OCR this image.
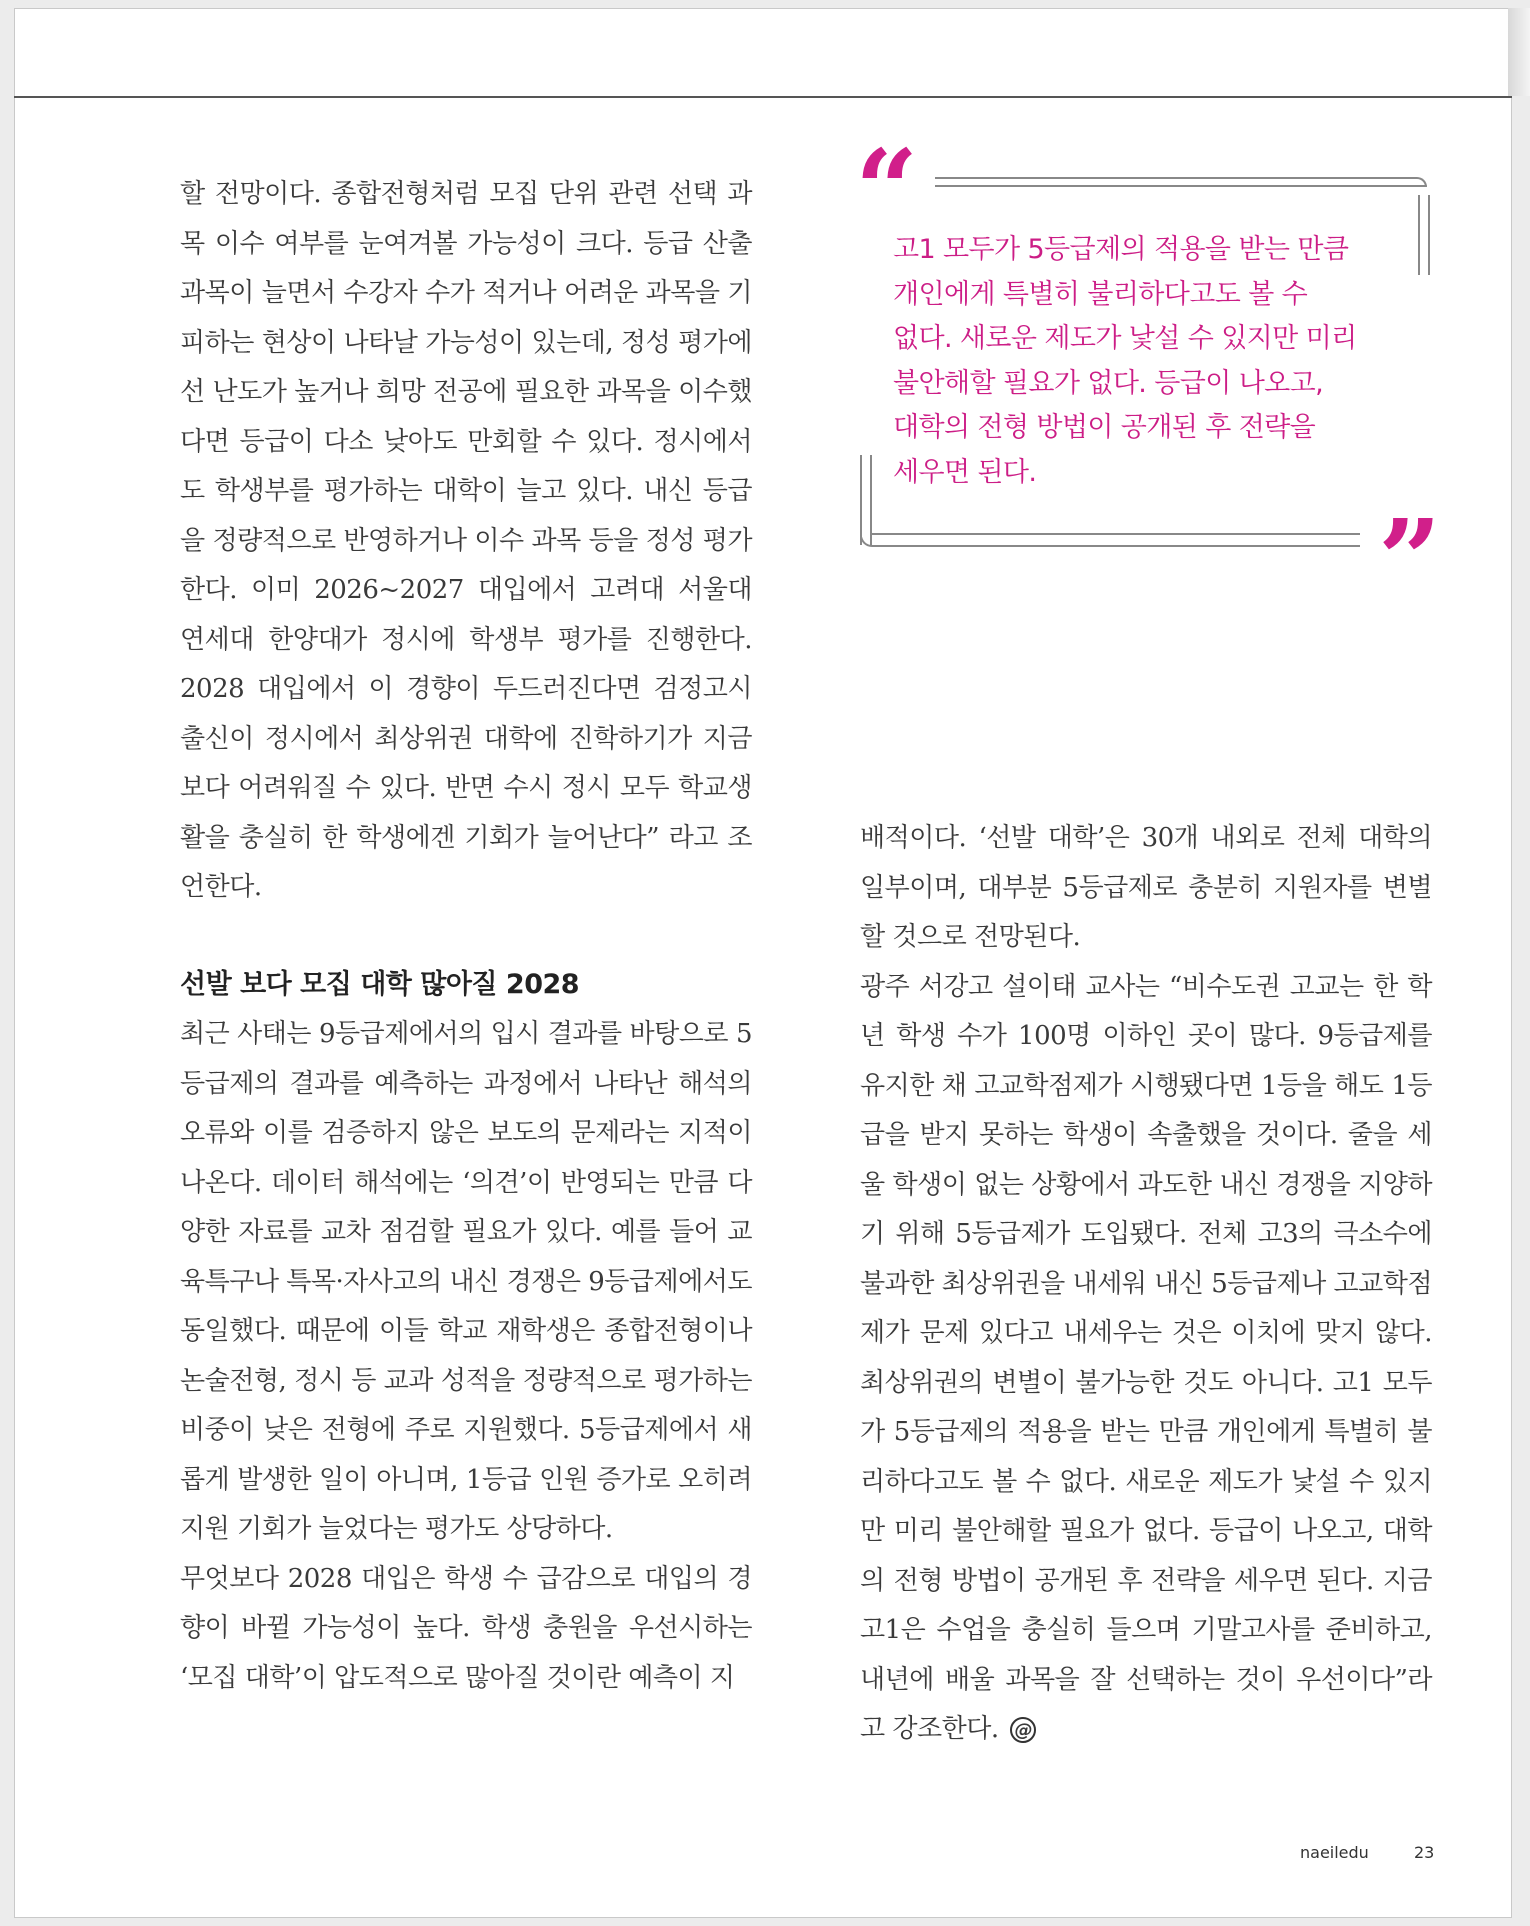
할 전망이다. 종합전형처럼 모집 단위 관련 선택 과목 이수 여부를 눈여겨볼 가능성이 크다. 등급 산출 과목이 늘면서 수강자 수가 적거나 어려운 과목을 기피하는 현상이 나타날 가능성이 있는데, 정성 평가에선 난도가 높거나 희망 전공에 필요한 과목을 이수했다면 등급이 다소 낮아도 만회할 수 있다. 정시에서도 학생부를 평가하는 대학이 늘고 있다. 내신 등급을 정량적으로 반영하거나 이수 과목 등을 정성 평가한다. 이미 2026~2027 대입에서 고려대 서울대 연세대 한양대가 정시에 학생부 평가를 진행한다. 2028 대입에서 이 경향이 두드러진다면 검정고시 출신이 정시에서 최상위권 대학에 진학하기가 지금보다 어려워질 수 있다. 반면 수시 정시 모두 학교생활을 충실히 한 학생에겐 기회가 늘어난다” 라고 조언한다.

선발 보다 모집 대학 많아질 2028

최근 사태는 9등급제에서의 입시 결과를 바탕으로 5등급제의 결과를 예측하는 과정에서 나타난 해석의 오류와 이를 검증하지 않은 보도의 문제라는 지적이 나온다. 데이터 해석에는 ‘의견’이 반영되는 만큼 다양한 자료를 교차 점검할 필요가 있다. 예를 들어 교육특구나 특목·자사고의 내신 경쟁은 9등급제에서도 동일했다. 때문에 이들 학교 재학생은 종합전형이나 논술전형, 정시 등 교과 성적을 정량적으로 평가하는 비중이 낮은 전형에 주로 지원했다. 5등급제에서 새롭게 발생한 일이 아니며, 1등급 인원 증가로 오히려 지원 기회가 늘었다는 평가도 상당하다.

무엇보다 2028 대입은 학생 수 급감으로 대입의 경향이 바뀔 가능성이 높다. 학생 충원을 우선시하는 ‘모집 대학’이 압도적으로 많아질 것이란 예측이 지

“

고1 모두가 5등급제의 적용을 받는 만큼

개인에게 특별히 불리하다고도 볼 수

없다. 새로운 제도가 낯설 수 있지만 미리

불안해할 필요가 없다. 등급이 나오고,

대학의 전형 방법이 공개된 후 전략을

세우면 된다.

”

배적이다. ‘선발 대학’은 30개 내외로 전체 대학의 일부이며, 대부분 5등급제로 충분히 지원자를 변별할 것으로 전망된다.

광주 서강고 설이태 교사는 “비수도권 고교는 한 학년 학생 수가 100명 이하인 곳이 많다. 9등급제를 유지한 채 고교학점제가 시행됐다면 1등을 해도 1등급을 받지 못하는 학생이 속출했을 것이다. 줄을 세울 학생이 없는 상황에서 과도한 내신 경쟁을 지양하기 위해 5등급제가 도입됐다. 전체 고3의 극소수에 불과한 최상위권을 내세워 내신 5등급제나 고교학점제가 문제 있다고 내세우는 것은 이치에 맞지 않다. 최상위권의 변별이 불가능한 것도 아니다. 고1 모두가 5등급제의 적용을 받는 만큼 개인에게 특별히 불리하다고도 볼 수 없다. 새로운 제도가 낯설 수 있지만 미리 불안해할 필요가 없다. 등급이 나오고, 대학의 전형 방법이 공개된 후 전략을 세우면 된다. 지금 고1은 수업을 충실히 들으며 기말고사를 준비하고, 내년에 배울 과목을 잘 선택하는 것이 우선이다”라고 강조한다. @

naeiledu	23
